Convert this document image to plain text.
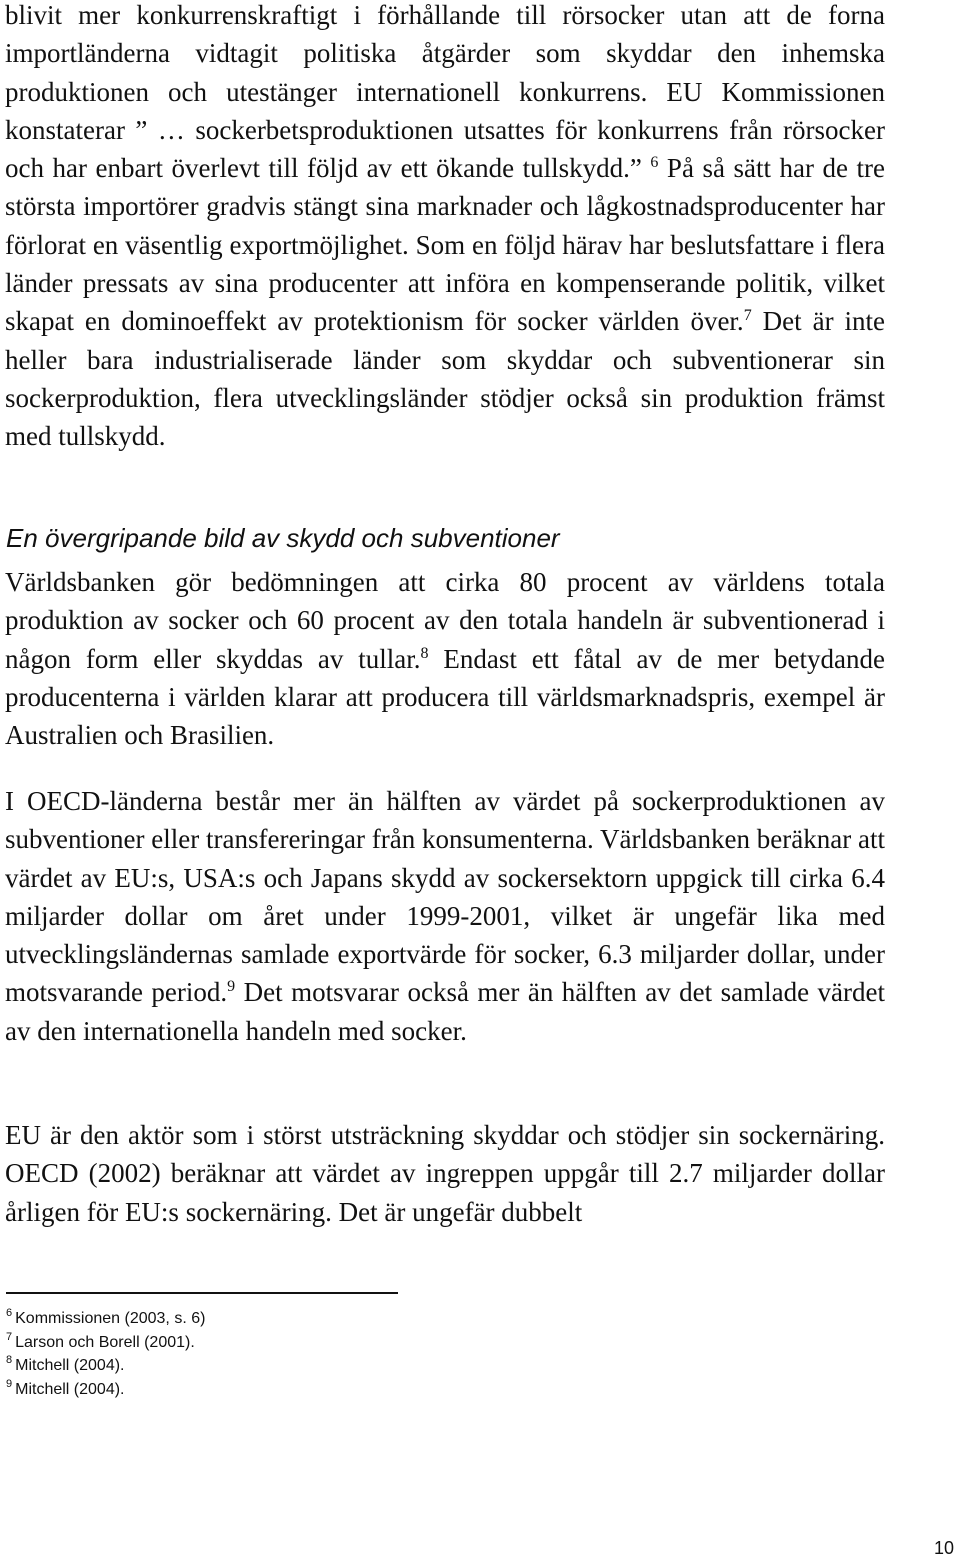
blivit mer konkurrenskraftigt i förhållande till rörsocker utan att de forna importländerna vidtagit politiska åtgärder som skyddar den inhemska produktionen och utestänger internationell konkurrens. EU Kommissionen konstaterar ” … sockerbetsproduktionen utsattes för konkurrens från rörsocker och har enbart överlevt till följd av ett ökande tullskydd.” $^6$ På så sätt har de tre största importörer gradvis stängt sina marknader och lågkostnadsproducenter har förlorat en väsentlig exportmöjlighet. Som en följd härav har beslutsfattare i flera länder pressats av sina producenter att införa en kompenserande politik, vilket skapat en dominoeffekt av protektionism för socker världen över.$^7$ Det är inte heller bara industrialiserade länder som skyddar och subventionerar sin sockerproduktion, flera utvecklingsländer stödjer också sin produktion främst med tullskydd.

En övergripande bild av skydd och subventioner

Världsbanken gör bedömningen att cirka 80 procent av världens totala produktion av socker och 60 procent av den totala handeln är subventionerad i någon form eller skyddas av tullar.$^8$ Endast ett fåtal av de mer betydande producenterna i världen klarar att producera till världsmarknadspris, exempel är Australien och Brasilien.

I OECD-länderna består mer än hälften av värdet på sockerproduktionen av subventioner eller transfereringar från konsumenterna. Världsbanken beräknar att värdet av EU:s, USA:s och Japans skydd av sockersektorn uppgick till cirka 6.4 miljarder dollar om året under 1999-2001, vilket är ungefär lika med utvecklingsländernas samlade exportvärde för socker, 6.3 miljarder dollar, under motsvarande period.$^9$ Det motsvarar också mer än hälften av det samlade värdet av den internationella handeln med socker.

EU är den aktör som i störst utsträckning skyddar och stödjer sin sockernäring. OECD (2002) beräknar att värdet av ingreppen uppgår till 2.7 miljarder dollar årligen för EU:s sockernäring. Det är ungefär dubbelt

$^6$ Kommissionen (2003, s. 6)
$^7$ Larson och Borell (2001).
$^8$ Mitchell (2004).
$^9$ Mitchell (2004).

10
